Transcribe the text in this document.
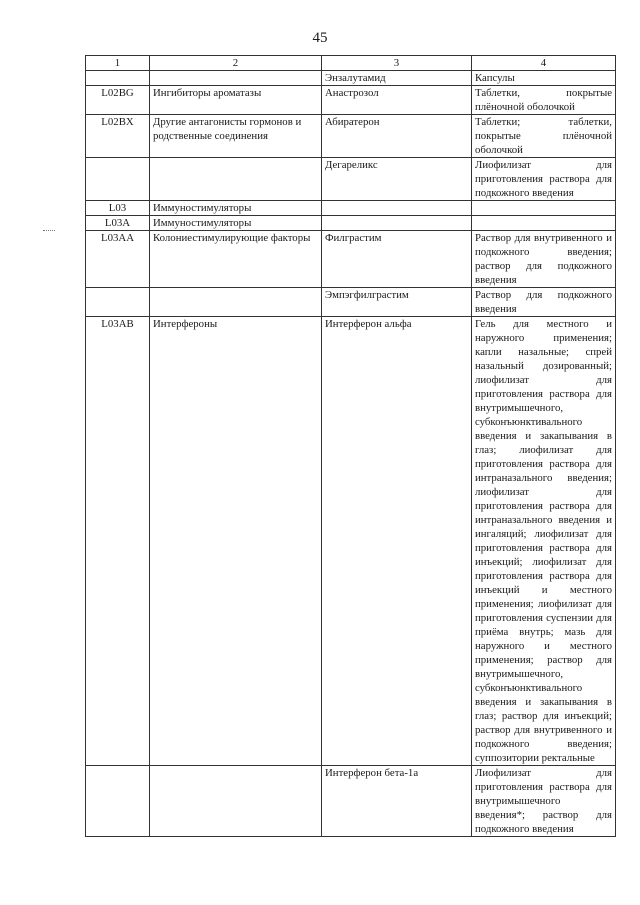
45
1	2	3	4
		Энзалутамид	Капсулы
L02BG	Ингибиторы ароматазы	Анастрозол	Таблетки, покрытые плёночной оболочкой
L02BX	Другие антагонисты гормонов и родственные соединения	Абиратерон	Таблетки; таблетки, покрытые плёночной оболочкой
		Дегареликс	Лиофилизат для приготовления раствора для подкожного введения
L03	Иммуностимуляторы		
L03A	Иммуностимуляторы		
L03AA	Колониестимулирующие факторы	Филграстим	Раствор для внутривенного и подкожного введения; раствор для подкожного введения
		Эмпэгфилграстим	Раствор для подкожного введения
L03AB	Интерфероны	Интерферон альфа	Гель для местного и наружного применения; капли назальные; спрей назальный дозированный; лиофилизат для приготовления раствора для внутримышечного, субконъюнктивального введения и закапывания в глаз; лиофилизат для приготовления раствора для интраназального введения; лиофилизат для приготовления раствора для интраназального введения и ингаляций; лиофилизат для приготовления раствора для инъекций; лиофилизат для приготовления раствора для инъекций и местного применения; лиофилизат для приготовления суспензии для приёма внутрь; мазь для наружного и местного применения; раствор для внутримышечного, субконъюнктивального введения и закапывания в глаз; раствор для инъекций; раствор для внутривенного и подкожного введения; суппозитории ректальные
		Интерферон бета-1a	Лиофилизат для приготовления раствора для внутримышечного введения*; раствор для подкожного введения
